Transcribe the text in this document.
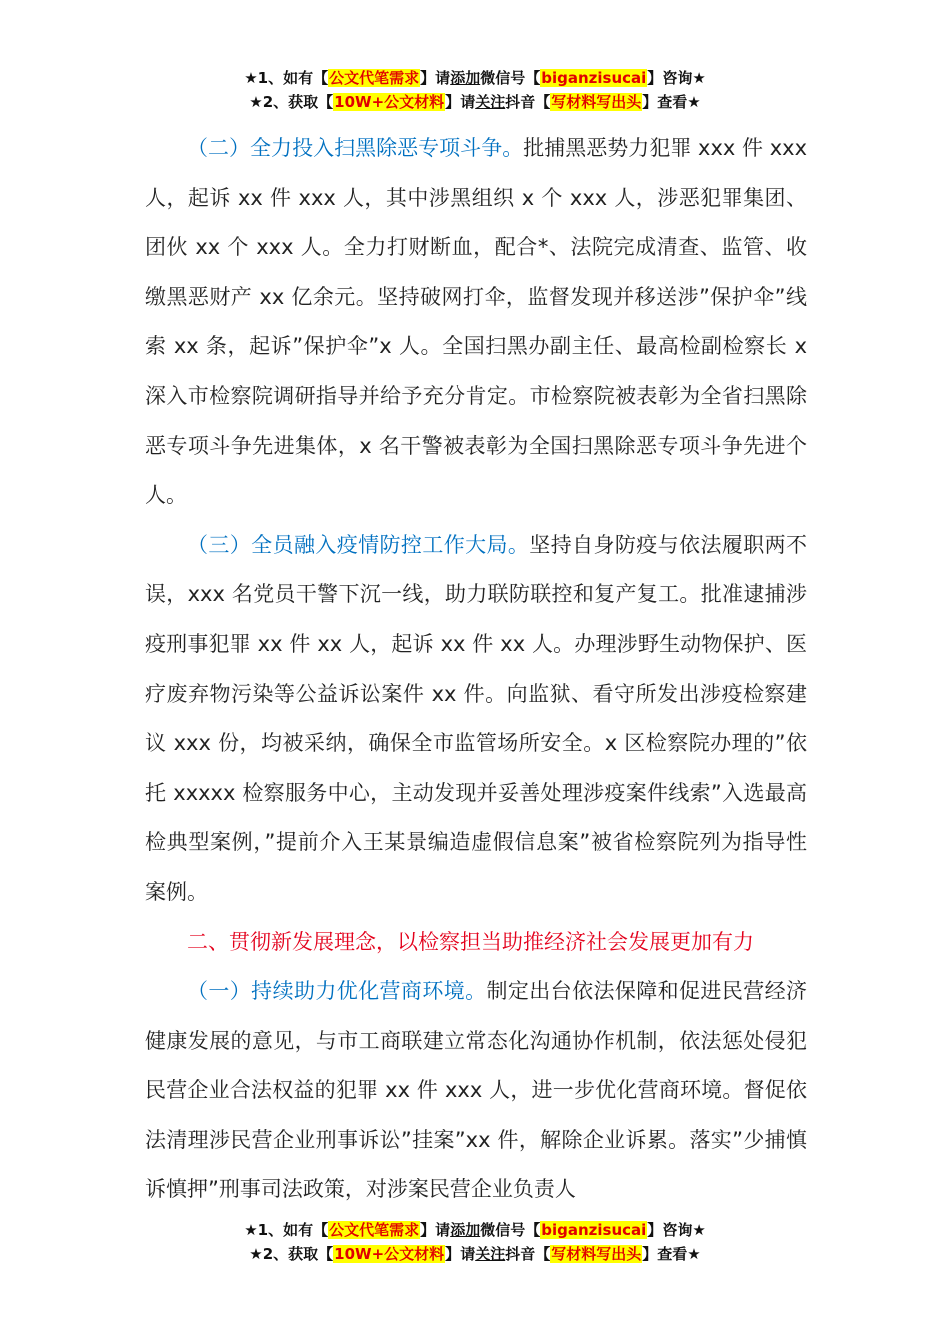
★1、如有【公文代笔需求】请添加微信号【biganzisucai】咨询★
★2、获取【10W+公文材料】请关注抖音【写材料写出头】查看★

（二）全力投入扫黑除恶专项斗争。批捕黑恶势力犯罪 xxx 件 xxx 人，起诉 xx 件 xxx 人，其中涉黑组织 x 个 xxx 人，涉恶犯罪集团、团伙 xx 个 xxx 人。全力打财断血，配合*、法院完成清查、监管、收缴黑恶财产 xx 亿余元。坚持破网打伞，监督发现并移送涉”保护伞”线索 xx 条，起诉”保护伞”x 人。全国扫黑办副主任、最高检副检察长 x 深入市检察院调研指导并给予充分肯定。市检察院被表彰为全省扫黑除恶专项斗争先进集体，x 名干警被表彰为全国扫黑除恶专项斗争先进个人。

（三）全员融入疫情防控工作大局。坚持自身防疫与依法履职两不误，xxx 名党员干警下沉一线，助力联防联控和复产复工。批准逮捕涉疫刑事犯罪 xx 件 xx 人，起诉 xx 件 xx 人。办理涉野生动物保护、医疗废弃物污染等公益诉讼案件 xx 件。向监狱、看守所发出涉疫检察建议 xxx 份，均被采纳，确保全市监管场所安全。x 区检察院办理的”依托 xxxxx 检察服务中心，主动发现并妥善处理涉疫案件线索”入选最高检典型案例，”提前介入王某景编造虚假信息案”被省检察院列为指导性案例。

二、贯彻新发展理念，以检察担当助推经济社会发展更加有力

（一）持续助力优化营商环境。制定出台依法保障和促进民营经济健康发展的意见，与市工商联建立常态化沟通协作机制，依法惩处侵犯民营企业合法权益的犯罪 xx 件 xxx 人，进一步优化营商环境。督促依法清理涉民营企业刑事诉讼”挂案”xx 件，解除企业诉累。落实”少捕慎诉慎押”刑事司法政策，对涉案民营企业负责人

★1、如有【公文代笔需求】请添加微信号【biganzisucai】咨询★
★2、获取【10W+公文材料】请关注抖音【写材料写出头】查看★
